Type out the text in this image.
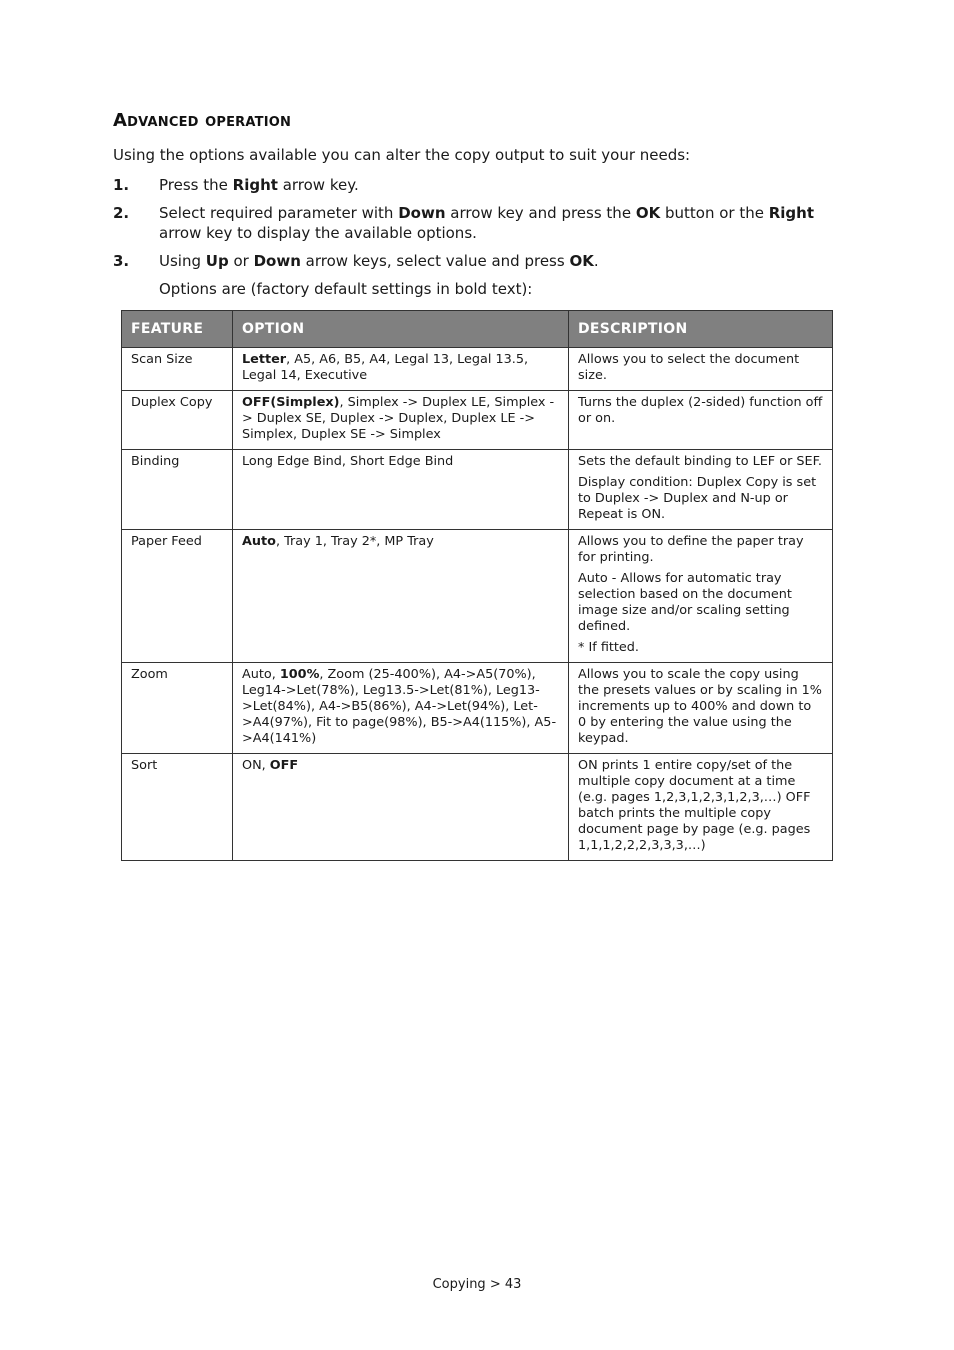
Advanced operation
Using the options available you can alter the copy output to suit your needs:
1. Press the Right arrow key.
2. Select required parameter with Down arrow key and press the OK button or the Right arrow key to display the available options.
3. Using Up or Down arrow keys, select value and press OK.
Options are (factory default settings in bold text):
FEATURE	OPTION	DESCRIPTION
Scan Size	Letter, A5, A6, B5, A4, Legal 13, Legal 13.5, Legal 14, Executive	Allows you to select the document size.

Duplex Copy	OFF(Simplex), Simplex -> Duplex LE, Simplex -> Duplex SE, Duplex -> Duplex, Duplex LE -> Simplex, Duplex SE -> Simplex	Turns the duplex (2-sided) function off or on.

Binding	Long Edge Bind, Short Edge Bind	Sets the default binding to LEF or SEF.

Display condition: Duplex Copy is set to Duplex -> Duplex and N-up or Repeat is ON.

Paper Feed	Auto, Tray 1, Tray 2*, MP Tray	Allows you to define the paper tray for printing.

Auto - Allows for automatic tray selection based on the document image size and/or scaling setting defined.

* If fitted.

Zoom	Auto, 100%, Zoom (25-400%), A4->A5(70%), Leg14->Let(78%), Leg13.5->Let(81%), Leg13->Let(84%), A4->B5(86%), A4->Let(94%), Let->A4(97%), Fit to page(98%), B5->A4(115%), A5->A4(141%)	Allows you to scale the copy using the presets values or by scaling in 1% increments up to 400% and down to 0 by entering the value using the keypad.

Sort	ON, OFF	ON prints 1 entire copy/set of the multiple copy document at a time (e.g. pages 1,2,3,1,2,3,1,2,3,…) OFF batch prints the multiple copy document page by page (e.g. pages 1,1,1,2,2,2,3,3,3,…)

Copying > 43
